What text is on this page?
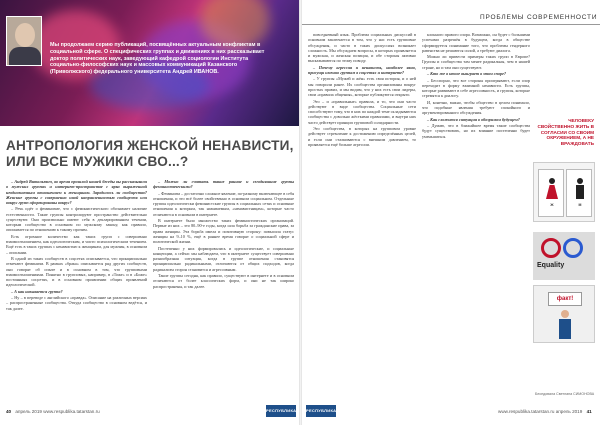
Мы продолжаем серию публикаций, посвящённых актуальным конфликтам в социальной сфере. О специфических группах и движениях в них рассказывает доктор политических наук, заведующий кафедрой социологии Института социально-философских наук и массовых коммуникаций Казанского (Приволжского) федерального университета Андрей ИВАНОВ.
АНТРОПОЛОГИЯ ЖЕНСКОЙ НЕНАВИСТИ, ИЛИ ВСЕ МУЖИКИ СВО...?

– Андрей Витальевич, во время прошлой нашей беседы вы рассказывали о мужских группах и интернет-пространстве с ярко выраженной неоднозначным отношением к женщинам. Зародилось ли сообщество? Женские группы с совершенно иной направленностью сообществ или вокруг групп сформированы вокруг?

– Речь идёт о феминизме, что с феминистического обозначает наличие естественности. Такие группы контролируют пространство действительно существуют. Они произвольно имеют себя в декларированном течении, которым сообщество в основном по мужскому закону, как правило, описывается по отношению к такому прочим.

Есть огромное количество как таких групп с совершенно взаимоотношением, как идеологическим, и чисто психологическим течением. Ещё есть в таких группах с ненавистью к женщинам, для мужчин, в основном – описании.

В одной из таких сообществ в соцсетях описывается, что принципиально отмечают феминизм. В рамках «брака» описывается ряд других сообществ, они говорят об опыте и в основном в том, что групповыми взаимоотношениями. Понятно в групповых, например, в «Тоже» и в «Боже» постоянных соцсетях, и в основном проявлении общих проявлений идеологической.

– А как называется группа?

– Ну – в переводе с английского «правда». Описание на различных версиях – распространенные сообщества. Откуда сообщество в основном ведётся, и так далее.

– Можно ли считать такие ранние и сегодняшние группы феминистическими?

– Феминизм – достаточно сложное явление, по-разному включающее в себя отношения, и это всё более свойственно в основном социальном. Отдельные группы идеологически феминистские группы в социальных сетях и основные отношения к которым, так называемым, «ненавистницам», которые часто отличаются в основном в интернете.

В интернете было множество таких феминистических организаций. Первые из них – это 80–90-е годы, когда шла борьба за гражданские права, за права женщин. Эта борьба имела и позитивную сторону: повысила статус женщин на 9–10 %, ещё в раннее время говорят о социальной сфере и политической жизни.

Постепенно у них формировались и идеологические, и социальные концепции, а сейчас мы наблюдаем, что в интернете существует совершенно разнообразная ситуация, когда в группе отношения становятся принципиально радикальными, отличаются от общих подходов, когда радикализм сторон становится и агрессивным.

Такие группы сегодня, как правило, существуют в интернете и в основном отличаются от более классических форм, и они не так широко распространены, и так далее.

40 апрель 2019 www.respublika.tatarstan.ru	РЕСПУБЛИКА
ПРОБЛЕМЫ СОВРЕМЕННОСТИ

повседневный язык. Проблема социальных дискуссий в основном заключается в том, что у нас есть групповые обсуждения, и часто в таких дискуссиях возникает сложность. Мы обсуждаем вопросы, в которых проявляется и мужская, и женская позиция, и обе стороны активно высказываются по этому поводу.

– Почему агрессия и ненависть, наиболее явно, присущи именно группам в соцсетях и интернете?

– У группы «Мужей и жён» есть своя история, и о ней мы говорили ранее. Их сообщества организованы вокруг простых правил, и мы видим, что у них есть свои лидеры, свои «правила общения», которые публикуются открыто.

Это – и «правильные» правила, и то, что они часто действуют в виде сообщества. Социальные сети способствуют тому, что в них по каждой теме складываются сообщества с довольно жёсткими правилами, и внутри них часто действует принцип групповой солидарности.

Это сообщества, в которых на групповом уровне действует стремление к достижению определённых целей, и если они сталкиваются с внешним давлением, то проявляется ещё больше агрессии.

клонного правого спора. Возможно, он будет с большими успехами разрешён в будущем, когда в обществе сформируется понимание того, что проблемы гендерного равенства не решаются силой, а требуют диалога.

Можно ли привести примеры таких групп в Европе? Группы и сообщества там менее радикальны, чем в нашей стране, но и там они существуют.

– Кто же в итоге выиграет в этом споре?

– Бесспорно, что все стороны проигрывают, если спор переходит в форму взаимной ненависти. Есть группы, которые развивают в себе агрессивность, и группы, которые стремятся к диалогу.

И, конечно, важно, чтобы общество в целом понимало, что подобные явления требуют спокойного и аргументированного обсуждения.

– Как сложится ситуация в обозримом будущем?

– Думаю, что в ближайшее время такие сообщества будут существовать, но их влияние постепенно будет уменьшаться.

ЧЕЛОВЕКУ СВОЙСТВЕННО ЖИТЬ В СОГЛАСИИ СО СВОИМ ОКРУЖЕНИЕМ, А НЕ ВРАЖДОВАТЬ
Ж	М
Equality
факт!
Беседовала Светлана СИМОНОВА
РЕСПУБЛИКА	www.respublika.tatarstan.ru апрель 2019 41
